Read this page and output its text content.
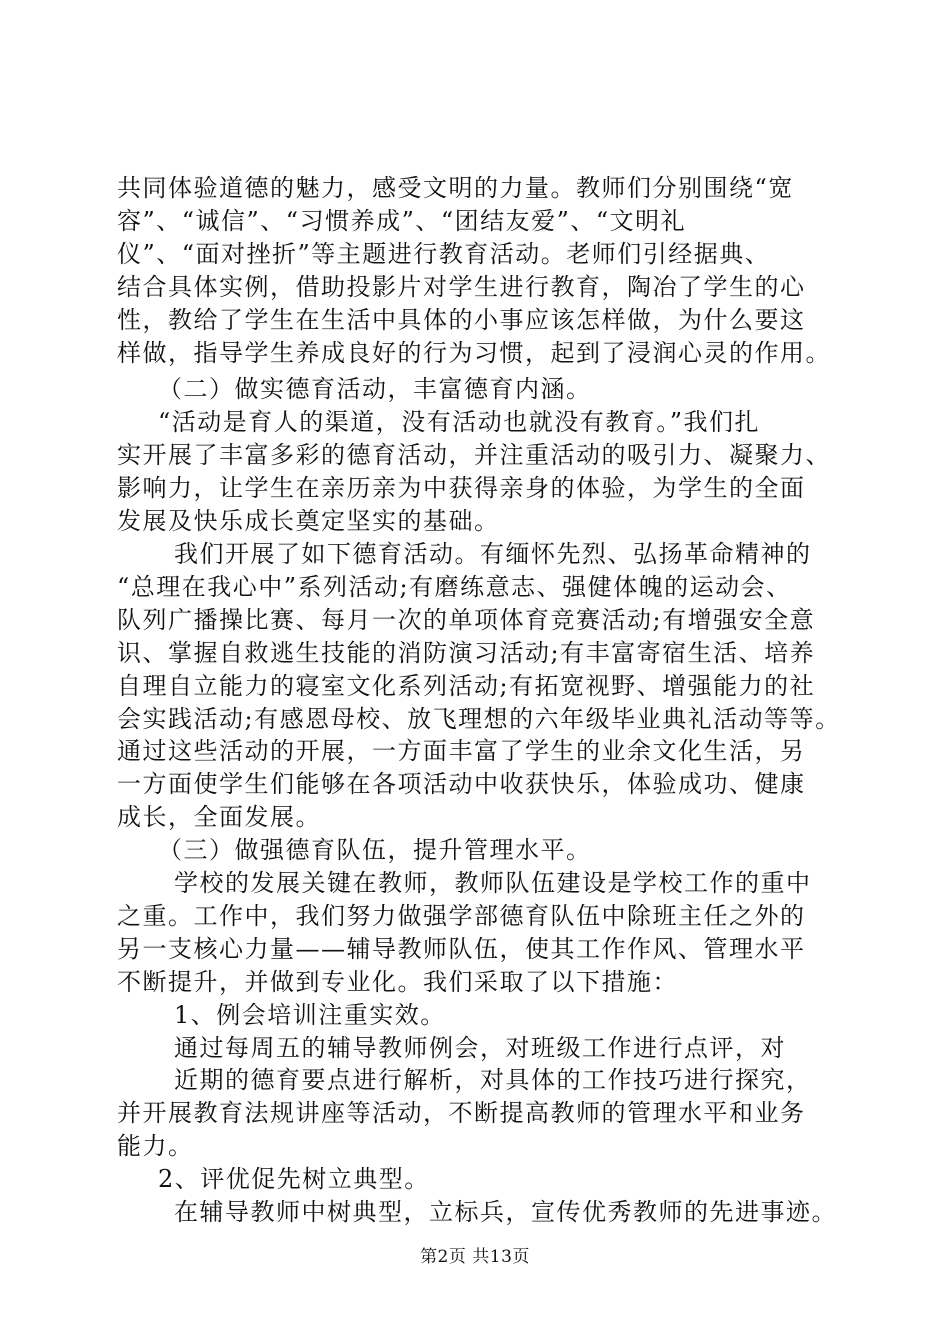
共同体验道德的魅力，感受文明的力量。教师们分别围绕“宽
容”、“诚信”、“习惯养成”、“团结友爱”、“文明礼
仪”、“面对挫折”等主题进行教育活动。老师们引经据典、
结合具体实例，借助投影片对学生进行教育，陶冶了学生的心
性，教给了学生在生活中具体的小事应该怎样做，为什么要这
样做，指导学生养成良好的行为习惯，起到了浸润心灵的作用。
（二）做实德育活动，丰富德育内涵。
“活动是育人的渠道，没有活动也就没有教育。”我们扎
实开展了丰富多彩的德育活动，并注重活动的吸引力、凝聚力、
影响力，让学生在亲历亲为中获得亲身的体验，为学生的全面
发展及快乐成长奠定坚实的基础。
我们开展了如下德育活动。有缅怀先烈、弘扬革命精神的
“总理在我心中”系列活动;有磨练意志、强健体魄的运动会、
队列广播操比赛、每月一次的单项体育竞赛活动;有增强安全意
识、掌握自救逃生技能的消防演习活动;有丰富寄宿生活、培养
自理自立能力的寝室文化系列活动;有拓宽视野、增强能力的社
会实践活动;有感恩母校、放飞理想的六年级毕业典礼活动等等。
通过这些活动的开展，一方面丰富了学生的业余文化生活，另
一方面使学生们能够在各项活动中收获快乐，体验成功、健康
成长，全面发展。
（三）做强德育队伍，提升管理水平。
学校的发展关键在教师，教师队伍建设是学校工作的重中
之重。工作中，我们努力做强学部德育队伍中除班主任之外的
另一支核心力量——辅导教师队伍，使其工作作风、管理水平
不断提升，并做到专业化。我们采取了以下措施：
1、例会培训注重实效。
通过每周五的辅导教师例会，对班级工作进行点评，对
近期的德育要点进行解析，对具体的工作技巧进行探究，
并开展教育法规讲座等活动，不断提高教师的管理水平和业务
能力。
2、评优促先树立典型。
在辅导教师中树典型，立标兵，宣传优秀教师的先进事迹。
第2页 共13页
